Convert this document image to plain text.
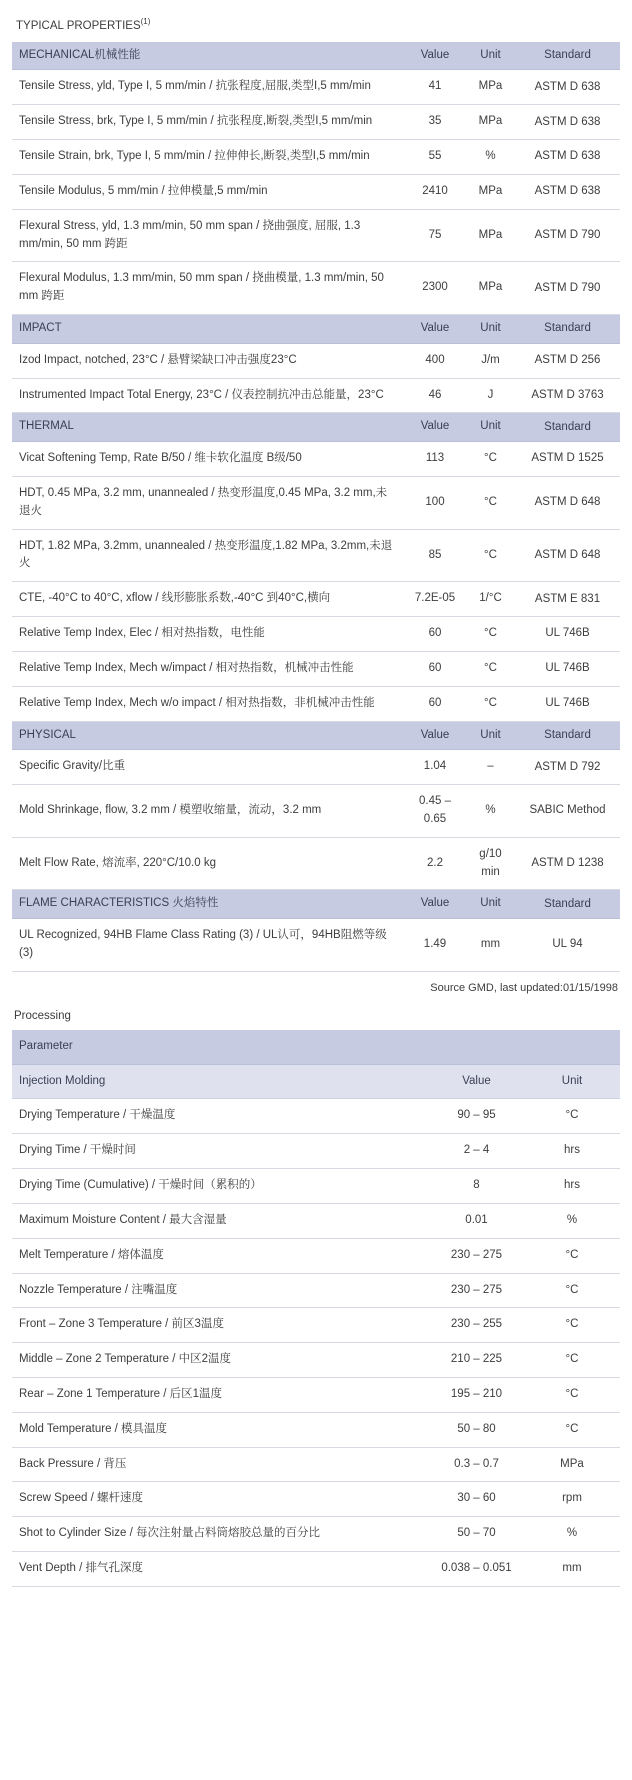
TYPICAL PROPERTIES$^{(1)}$
MECHANICAL机械性能	Value	Unit	Standard
Tensile Stress, yld, Type I, 5 mm/min / 抗张程度,屈服,类型I,5 mm/min	41	MPa	ASTM D 638
Tensile Stress, brk, Type I, 5 mm/min / 抗张程度,断裂,类型I,5 mm/min	35	MPa	ASTM D 638
Tensile Strain, brk, Type I, 5 mm/min / 拉伸伸长,断裂,类型I,5 mm/min	55	%	ASTM D 638
Tensile Modulus, 5 mm/min / 拉伸模量,5 mm/min	2410	MPa	ASTM D 638
Flexural Stress, yld, 1.3 mm/min, 50 mm span / 挠曲强度, 屈服, 1.3 mm/min, 50 mm 跨距	75	MPa	ASTM D 790
Flexural Modulus, 1.3 mm/min, 50 mm span / 挠曲模量, 1.3 mm/min, 50 mm 跨距	2300	MPa	ASTM D 790
IMPACT	Value	Unit	Standard
Izod Impact, notched, 23°C / 悬臂梁缺口冲击强度23°C	400	J/m	ASTM D 256
Instrumented Impact Total Energy, 23°C / 仪表控制抗冲击总能量，23°C	46	J	ASTM D 3763
THERMAL	Value	Unit	Standard
Vicat Softening Temp, Rate B/50 / 维卡软化温度 B级/50	113	°C	ASTM D 1525
HDT, 0.45 MPa, 3.2 mm, unannealed / 热变形温度,0.45 MPa, 3.2 mm,未退火	100	°C	ASTM D 648
HDT, 1.82 MPa, 3.2mm, unannealed / 热变形温度,1.82 MPa, 3.2mm,未退火	85	°C	ASTM D 648
CTE, -40°C to 40°C, xflow / 线形膨胀系数,-40°C 到40°C,横向	7.2E-05	1/°C	ASTM E 831
Relative Temp Index, Elec / 相对热指数，电性能	60	°C	UL 746B
Relative Temp Index, Mech w/impact / 相对热指数，机械冲击性能	60	°C	UL 746B
Relative Temp Index, Mech w/o impact / 相对热指数，非机械冲击性能	60	°C	UL 746B
PHYSICAL	Value	Unit	Standard
Specific Gravity/比重	1.04	–	ASTM D 792
Mold Shrinkage, flow, 3.2 mm / 模塑收缩量，流动，3.2 mm	0.45 – 0.65	%	SABIC Method
Melt Flow Rate, 熔流率, 220°C/10.0 kg	2.2	g/10 min	ASTM D 1238
FLAME CHARACTERISTICS 火焰特性	Value	Unit	Standard
UL Recognized, 94HB Flame Class Rating (3) / UL认可，94HB阻燃等级(3)	1.49	mm	UL 94
Source GMD, last updated:01/15/1998
Processing
Parameter		
Injection Molding	Value	Unit
Drying Temperature / 干燥温度	90 – 95	°C
Drying Time / 干燥时间	2 – 4	hrs
Drying Time (Cumulative) / 干燥时间（累积的）	8	hrs
Maximum Moisture Content / 最大含湿量	0.01	%
Melt Temperature / 熔体温度	230 – 275	°C
Nozzle Temperature / 注嘴温度	230 – 275	°C
Front – Zone 3 Temperature / 前区3温度	230 – 255	°C
Middle – Zone 2 Temperature / 中区2温度	210 – 225	°C
Rear – Zone 1 Temperature / 后区1温度	195 – 210	°C
Mold Temperature / 模具温度	50 – 80	°C
Back Pressure / 背压	0.3 – 0.7	MPa
Screw Speed / 螺杆速度	30 – 60	rpm
Shot to Cylinder Size / 每次注射量占料筒熔胶总量的百分比	50 – 70	%
Vent Depth / 排气孔深度	0.038 – 0.051	mm
